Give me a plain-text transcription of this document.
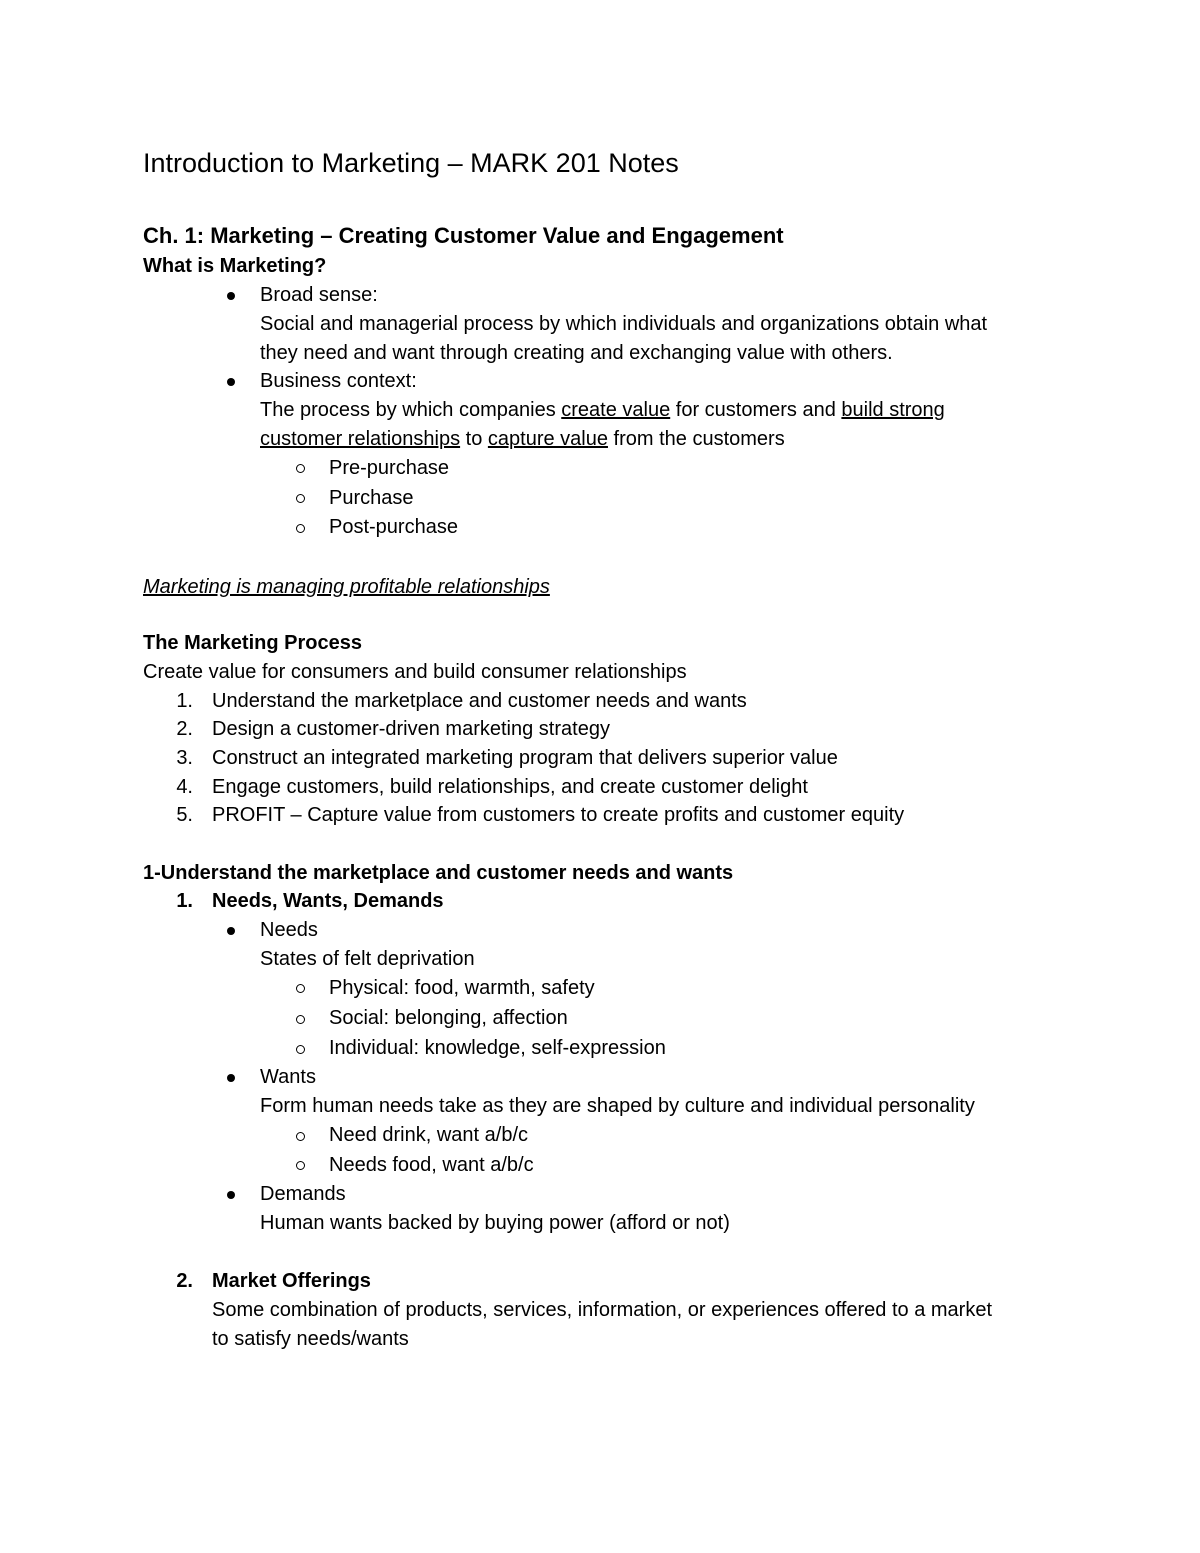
Introduction to Marketing – MARK 201 Notes
Ch. 1: Marketing – Creating Customer Value and Engagement
What is Marketing?
Broad sense:
Social and managerial process by which individuals and organizations obtain what
they need and want through creating and exchanging value with others.
Business context:
The process by which companies create value for customers and build strong
customer relationships to capture value from the customers
Pre-purchase
Purchase
Post-purchase
Marketing is managing profitable relationships
The Marketing Process
Create value for consumers and build consumer relationships
1. Understand the marketplace and customer needs and wants
2. Design a customer-driven marketing strategy
3. Construct an integrated marketing program that delivers superior value
4. Engage customers, build relationships, and create customer delight
5. PROFIT – Capture value from customers to create profits and customer equity
1-Understand the marketplace and customer needs and wants
1. Needs, Wants, Demands
Needs
States of felt deprivation
Physical: food, warmth, safety
Social: belonging, affection
Individual: knowledge, self-expression
Wants
Form human needs take as they are shaped by culture and individual personality
Need drink, want a/b/c
Needs food, want a/b/c
Demands
Human wants backed by buying power (afford or not)
2. Market Offerings
Some combination of products, services, information, or experiences offered to a market
to satisfy needs/wants
